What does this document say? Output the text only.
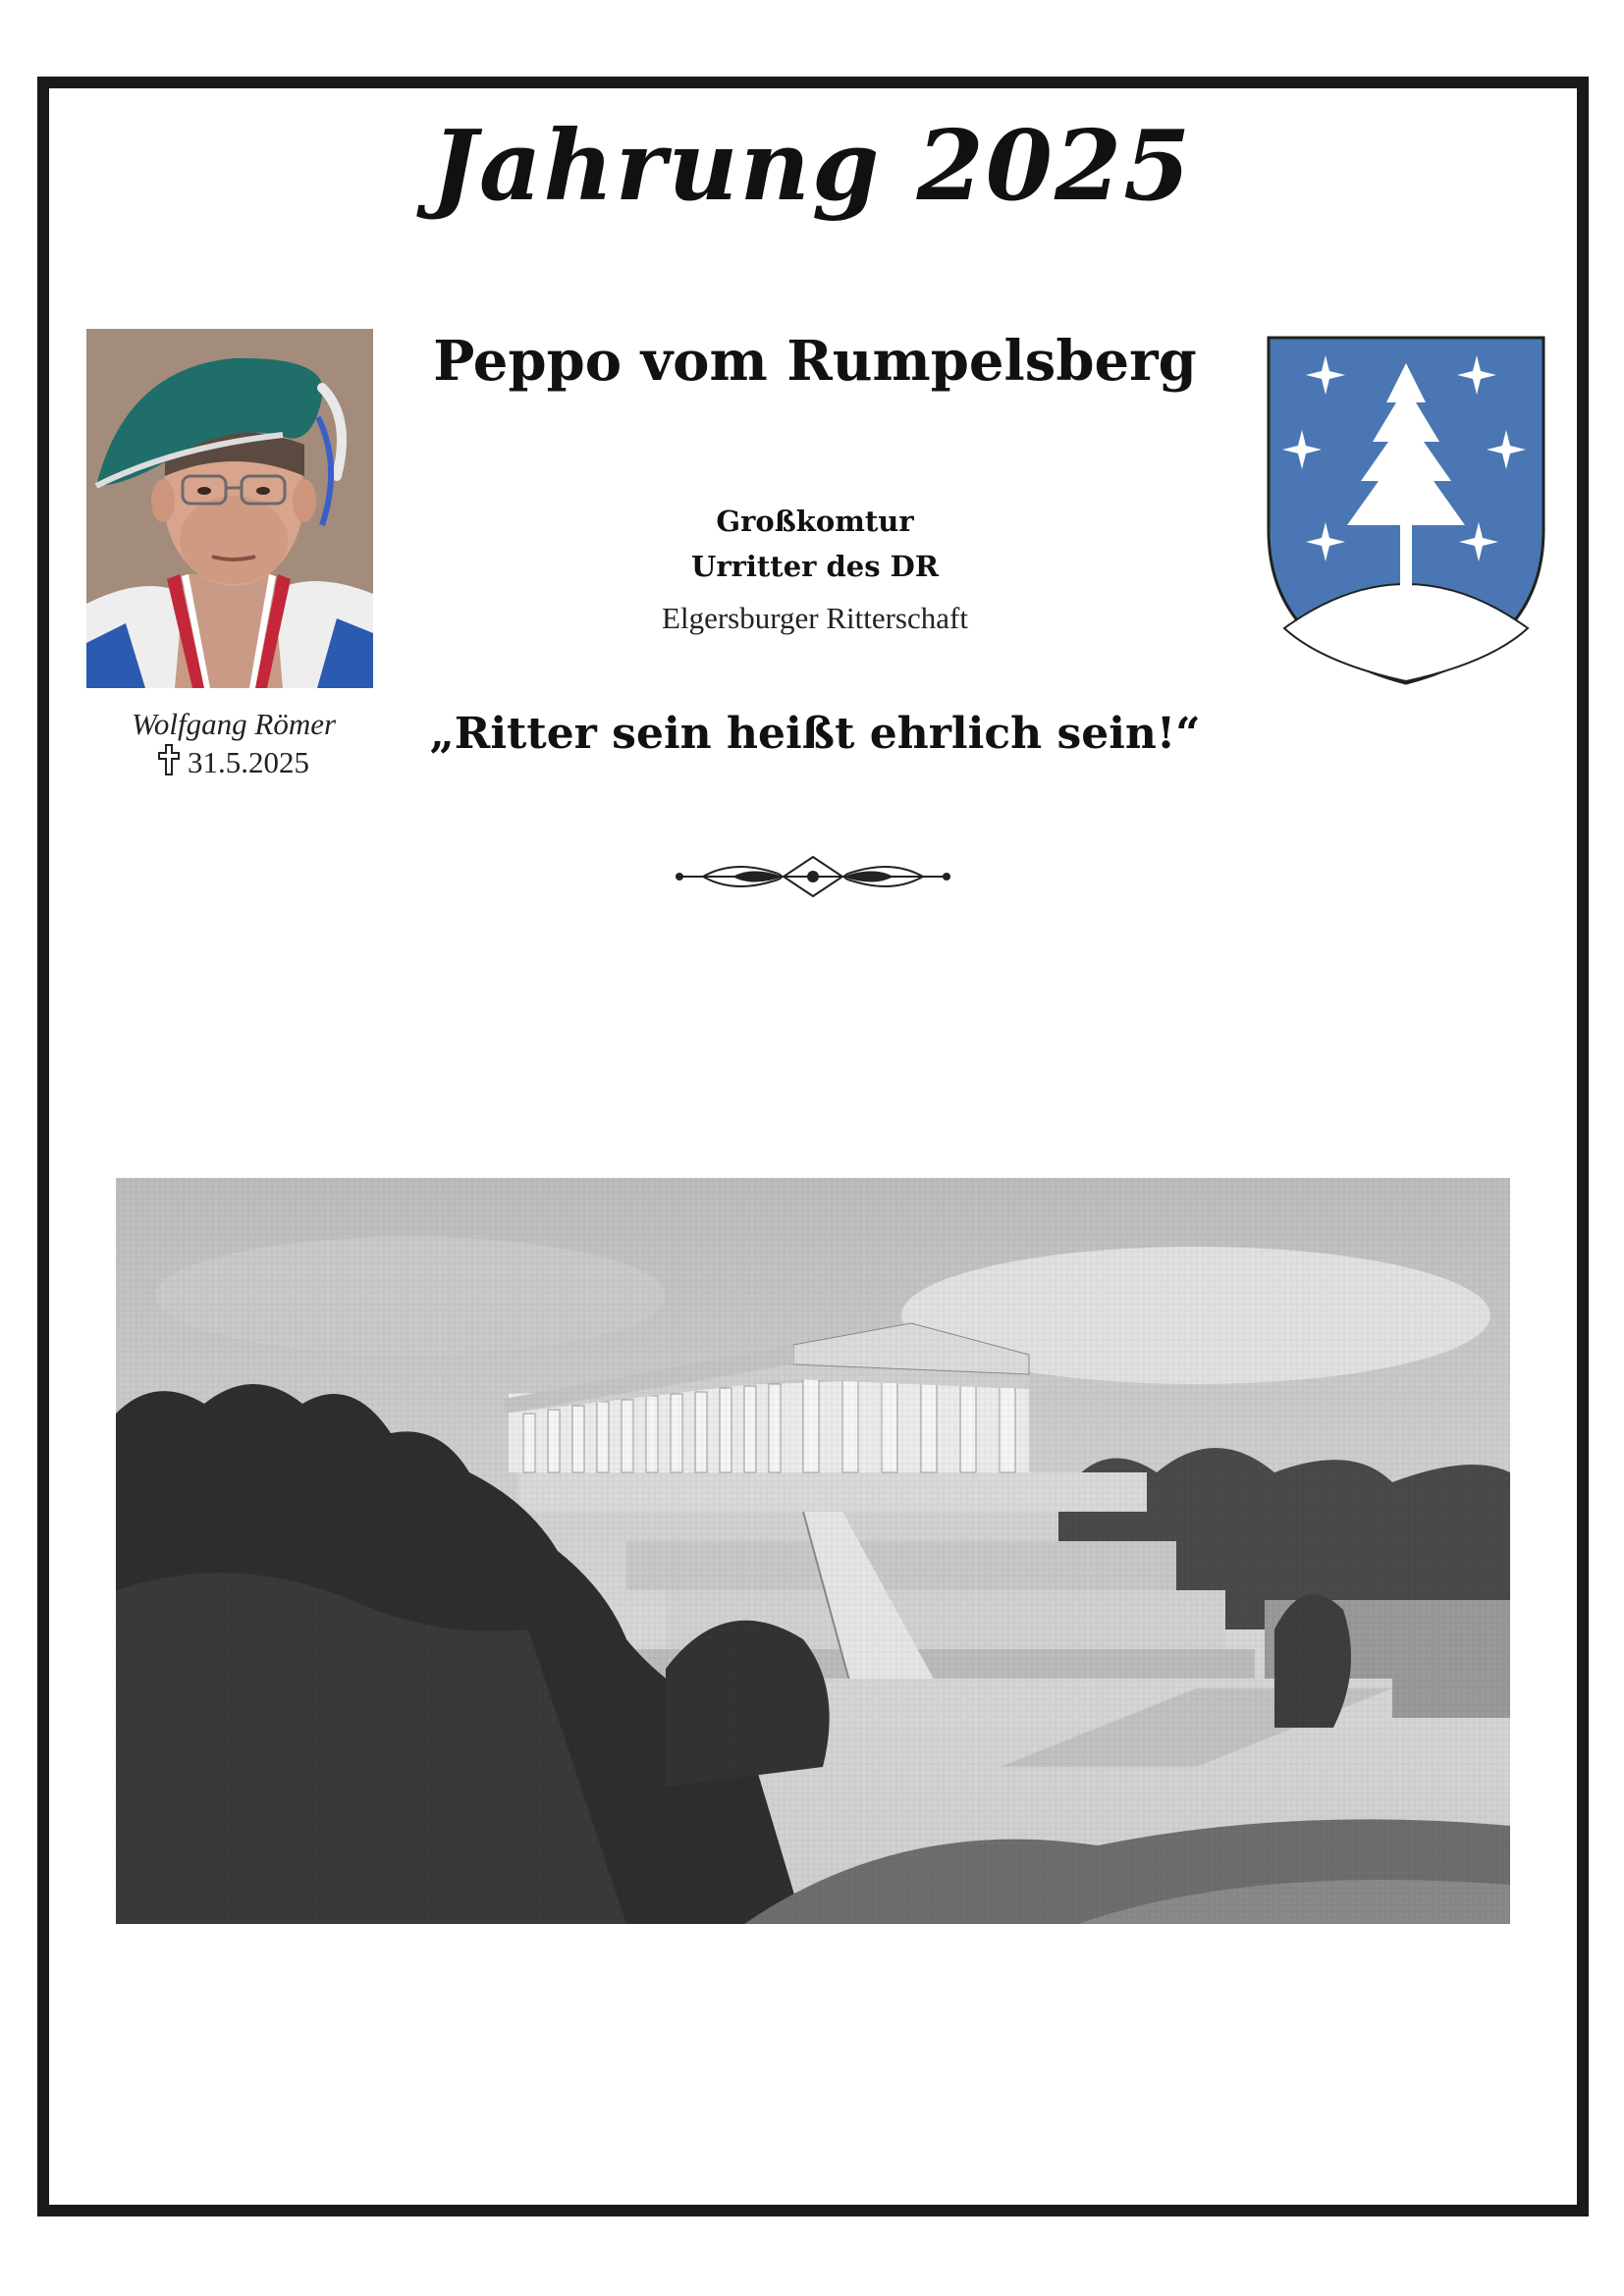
Jahrung 2025
Wolfgang Römer
31.5.2025
Peppo vom Rumpelsberg
Großkomtur
Urritter des DR
Elgersburger Ritterschaft
„Ritter sein heißt ehrlich sein!“
